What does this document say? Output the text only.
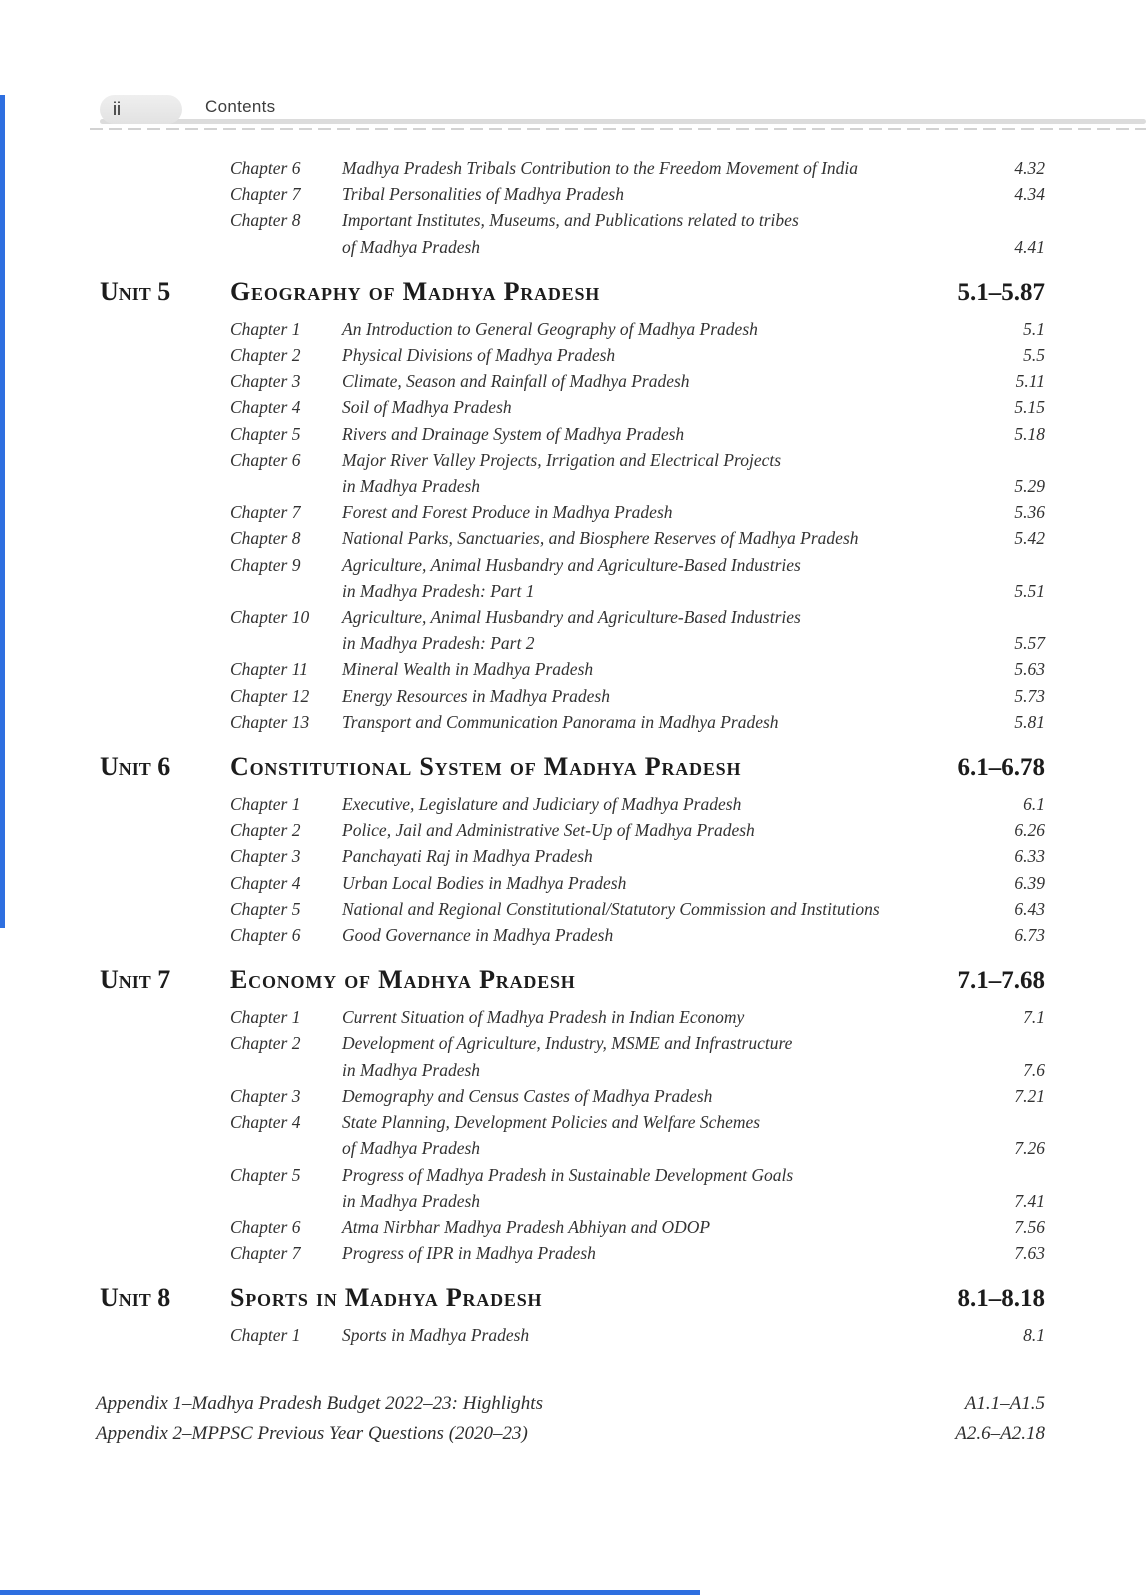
ii	Contents
Chapter 6	Madhya Pradesh Tribals Contribution to the Freedom Movement of India	4.32
Chapter 7	Tribal Personalities of Madhya Pradesh	4.34
Chapter 8	Important Institutes, Museums, and Publications related to tribes
of Madhya Pradesh	4.41
Unit 5	Geography of Madhya Pradesh	5.1–5.87
Chapter 1	An Introduction to General Geography of Madhya Pradesh	5.1
Chapter 2	Physical Divisions of Madhya Pradesh	5.5
Chapter 3	Climate, Season and Rainfall of Madhya Pradesh	5.11
Chapter 4	Soil of Madhya Pradesh	5.15
Chapter 5	Rivers and Drainage System of Madhya Pradesh	5.18
Chapter 6	Major River Valley Projects, Irrigation and Electrical Projects
in Madhya Pradesh	5.29
Chapter 7	Forest and Forest Produce in Madhya Pradesh	5.36
Chapter 8	National Parks, Sanctuaries, and Biosphere Reserves of Madhya Pradesh	5.42
Chapter 9	Agriculture, Animal Husbandry and Agriculture-Based Industries
in Madhya Pradesh: Part 1	5.51
Chapter 10	Agriculture, Animal Husbandry and Agriculture-Based Industries
in Madhya Pradesh: Part 2	5.57
Chapter 11	Mineral Wealth in Madhya Pradesh	5.63
Chapter 12	Energy Resources in Madhya Pradesh	5.73
Chapter 13	Transport and Communication Panorama in Madhya Pradesh	5.81
Unit 6	Constitutional System of Madhya Pradesh	6.1–6.78
Chapter 1	Executive, Legislature and Judiciary of Madhya Pradesh	6.1
Chapter 2	Police, Jail and Administrative Set-Up of Madhya Pradesh	6.26
Chapter 3	Panchayati Raj in Madhya Pradesh	6.33
Chapter 4	Urban Local Bodies in Madhya Pradesh	6.39
Chapter 5	National and Regional Constitutional/Statutory Commission and Institutions	6.43
Chapter 6	Good Governance in Madhya Pradesh	6.73
Unit 7	Economy of Madhya Pradesh	7.1–7.68
Chapter 1	Current Situation of Madhya Pradesh in Indian Economy	7.1
Chapter 2	Development of Agriculture, Industry, MSME and Infrastructure
in Madhya Pradesh	7.6
Chapter 3	Demography and Census Castes of Madhya Pradesh	7.21
Chapter 4	State Planning, Development Policies and Welfare Schemes
of Madhya Pradesh	7.26
Chapter 5	Progress of Madhya Pradesh in Sustainable Development Goals
in Madhya Pradesh	7.41
Chapter 6	Atma Nirbhar Madhya Pradesh Abhiyan and ODOP	7.56
Chapter 7	Progress of IPR in Madhya Pradesh	7.63
Unit 8	Sports in Madhya Pradesh	8.1–8.18
Chapter 1	Sports in Madhya Pradesh	8.1
Appendix 1–Madhya Pradesh Budget 2022–23: Highlights	A1.1–A1.5
Appendix 2–MPPSC Previous Year Questions (2020–23)	A2.6–A2.18
